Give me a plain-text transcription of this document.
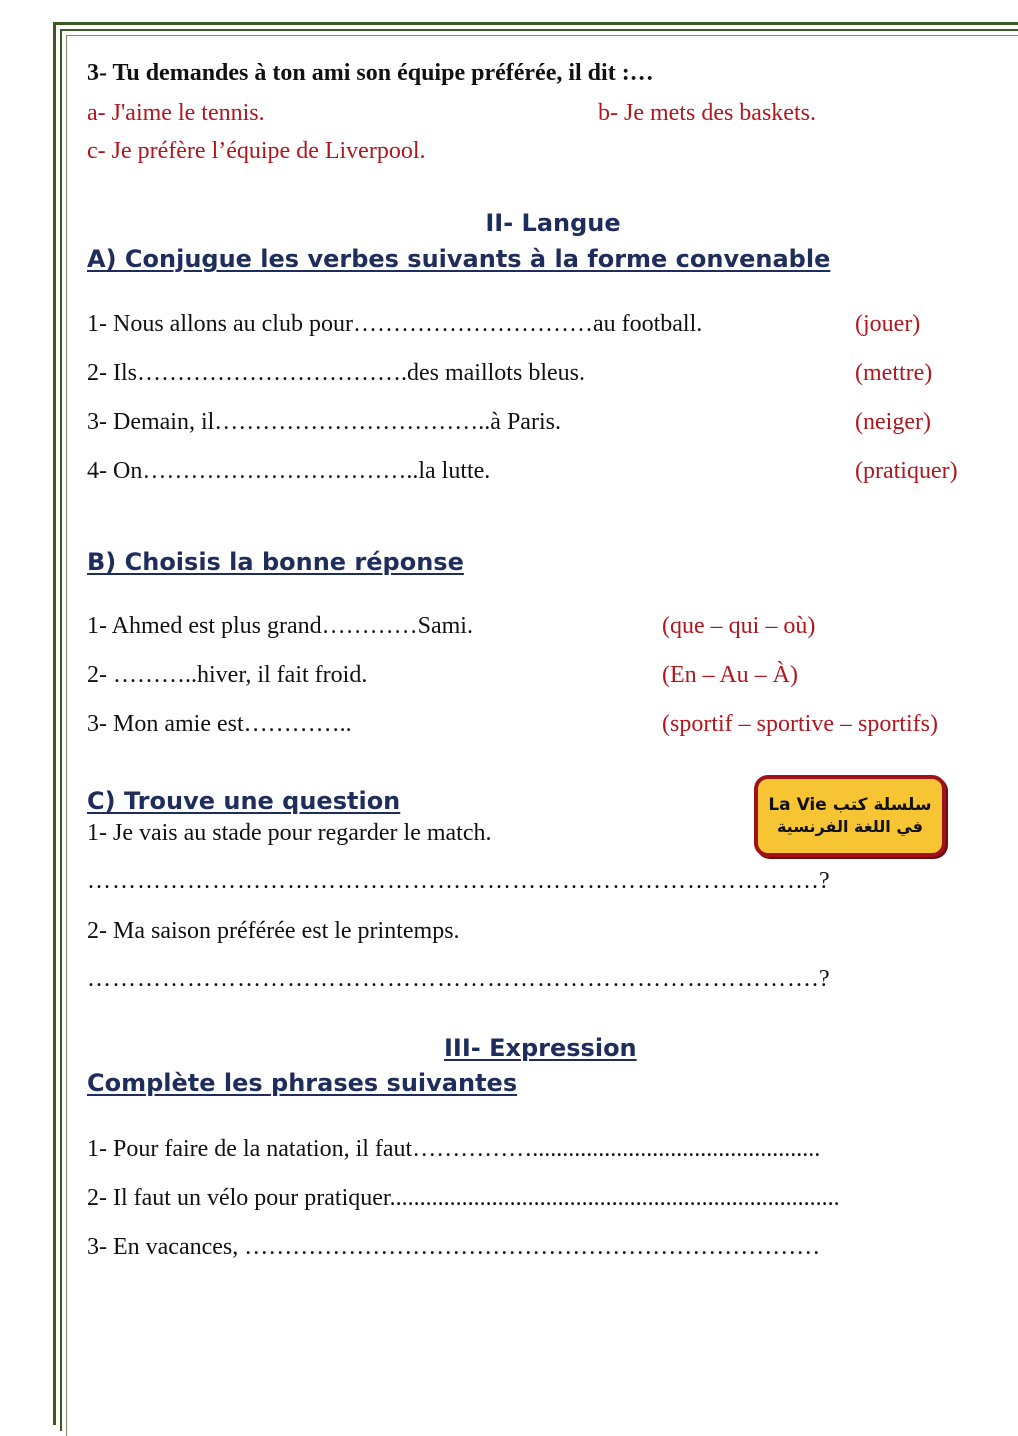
3- Tu demandes à ton ami son équipe préférée, il dit :…
a- J'aime le tennis.	b- Je mets des baskets.
c- Je préfère l’équipe de Liverpool.
II- Langue
A) Conjugue les verbes suivants à la forme convenable
1- Nous allons au club pour…………………………au football.	(jouer)
2- Ils…………………………….des maillots bleus.	(mettre)
3- Demain, il……………………………..à Paris.	(neiger)
4- On……………………………..la lutte.	(pratiquer)
B) Choisis la bonne réponse
1- Ahmed est plus grand…………Sami.	(que – qui – où)
2- ………..hiver, il fait froid.	(En – Au – À)
3- Mon amie est…………..	(sportif – sportive – sportifs)
C) Trouve une question
1- Je vais au stade pour regarder le match.
…………………………………………………………………………….?
2- Ma saison préférée est le printemps.
…………………………………………………………………………….?
La Vie سلسلة كتب
في اللغة الفرنسية
III- Expression
Complète les phrases suivantes
1- Pour faire de la natation, il faut……………................................................
2- Il faut un vélo pour pratiquer...........................................................................
3- En vacances, ………………………………………………………………
